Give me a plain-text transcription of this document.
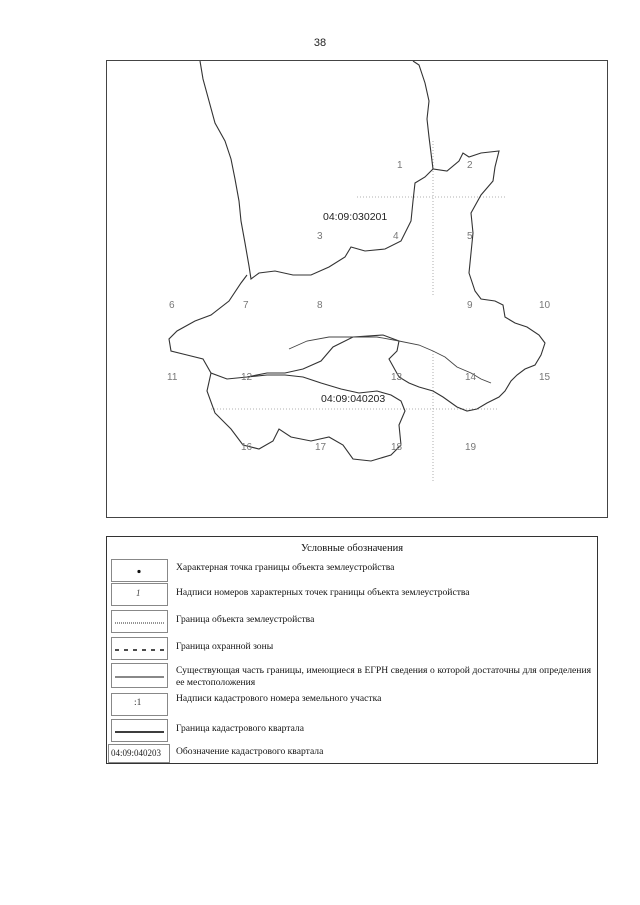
38
1	2
3	4	5
6	7	8	9	10
11	12	13	14	15
16	17	18	19
04:09:030201
04:09:040203
Условные обозначения
Характерная точка границы объекта землеустройства
1	Надписи номеров характерных точек границы объекта землеустройства
Граница объекта землеустройства
Граница охранной зоны
Существующая часть границы, имеющиеся в ЕГРН сведения о которой достаточны для определения ее местоположения
:1	Надписи кадастрового номера земельного участка
Граница кадастрового квартала
04:09:040203 Обозначение кадастрового квартала
